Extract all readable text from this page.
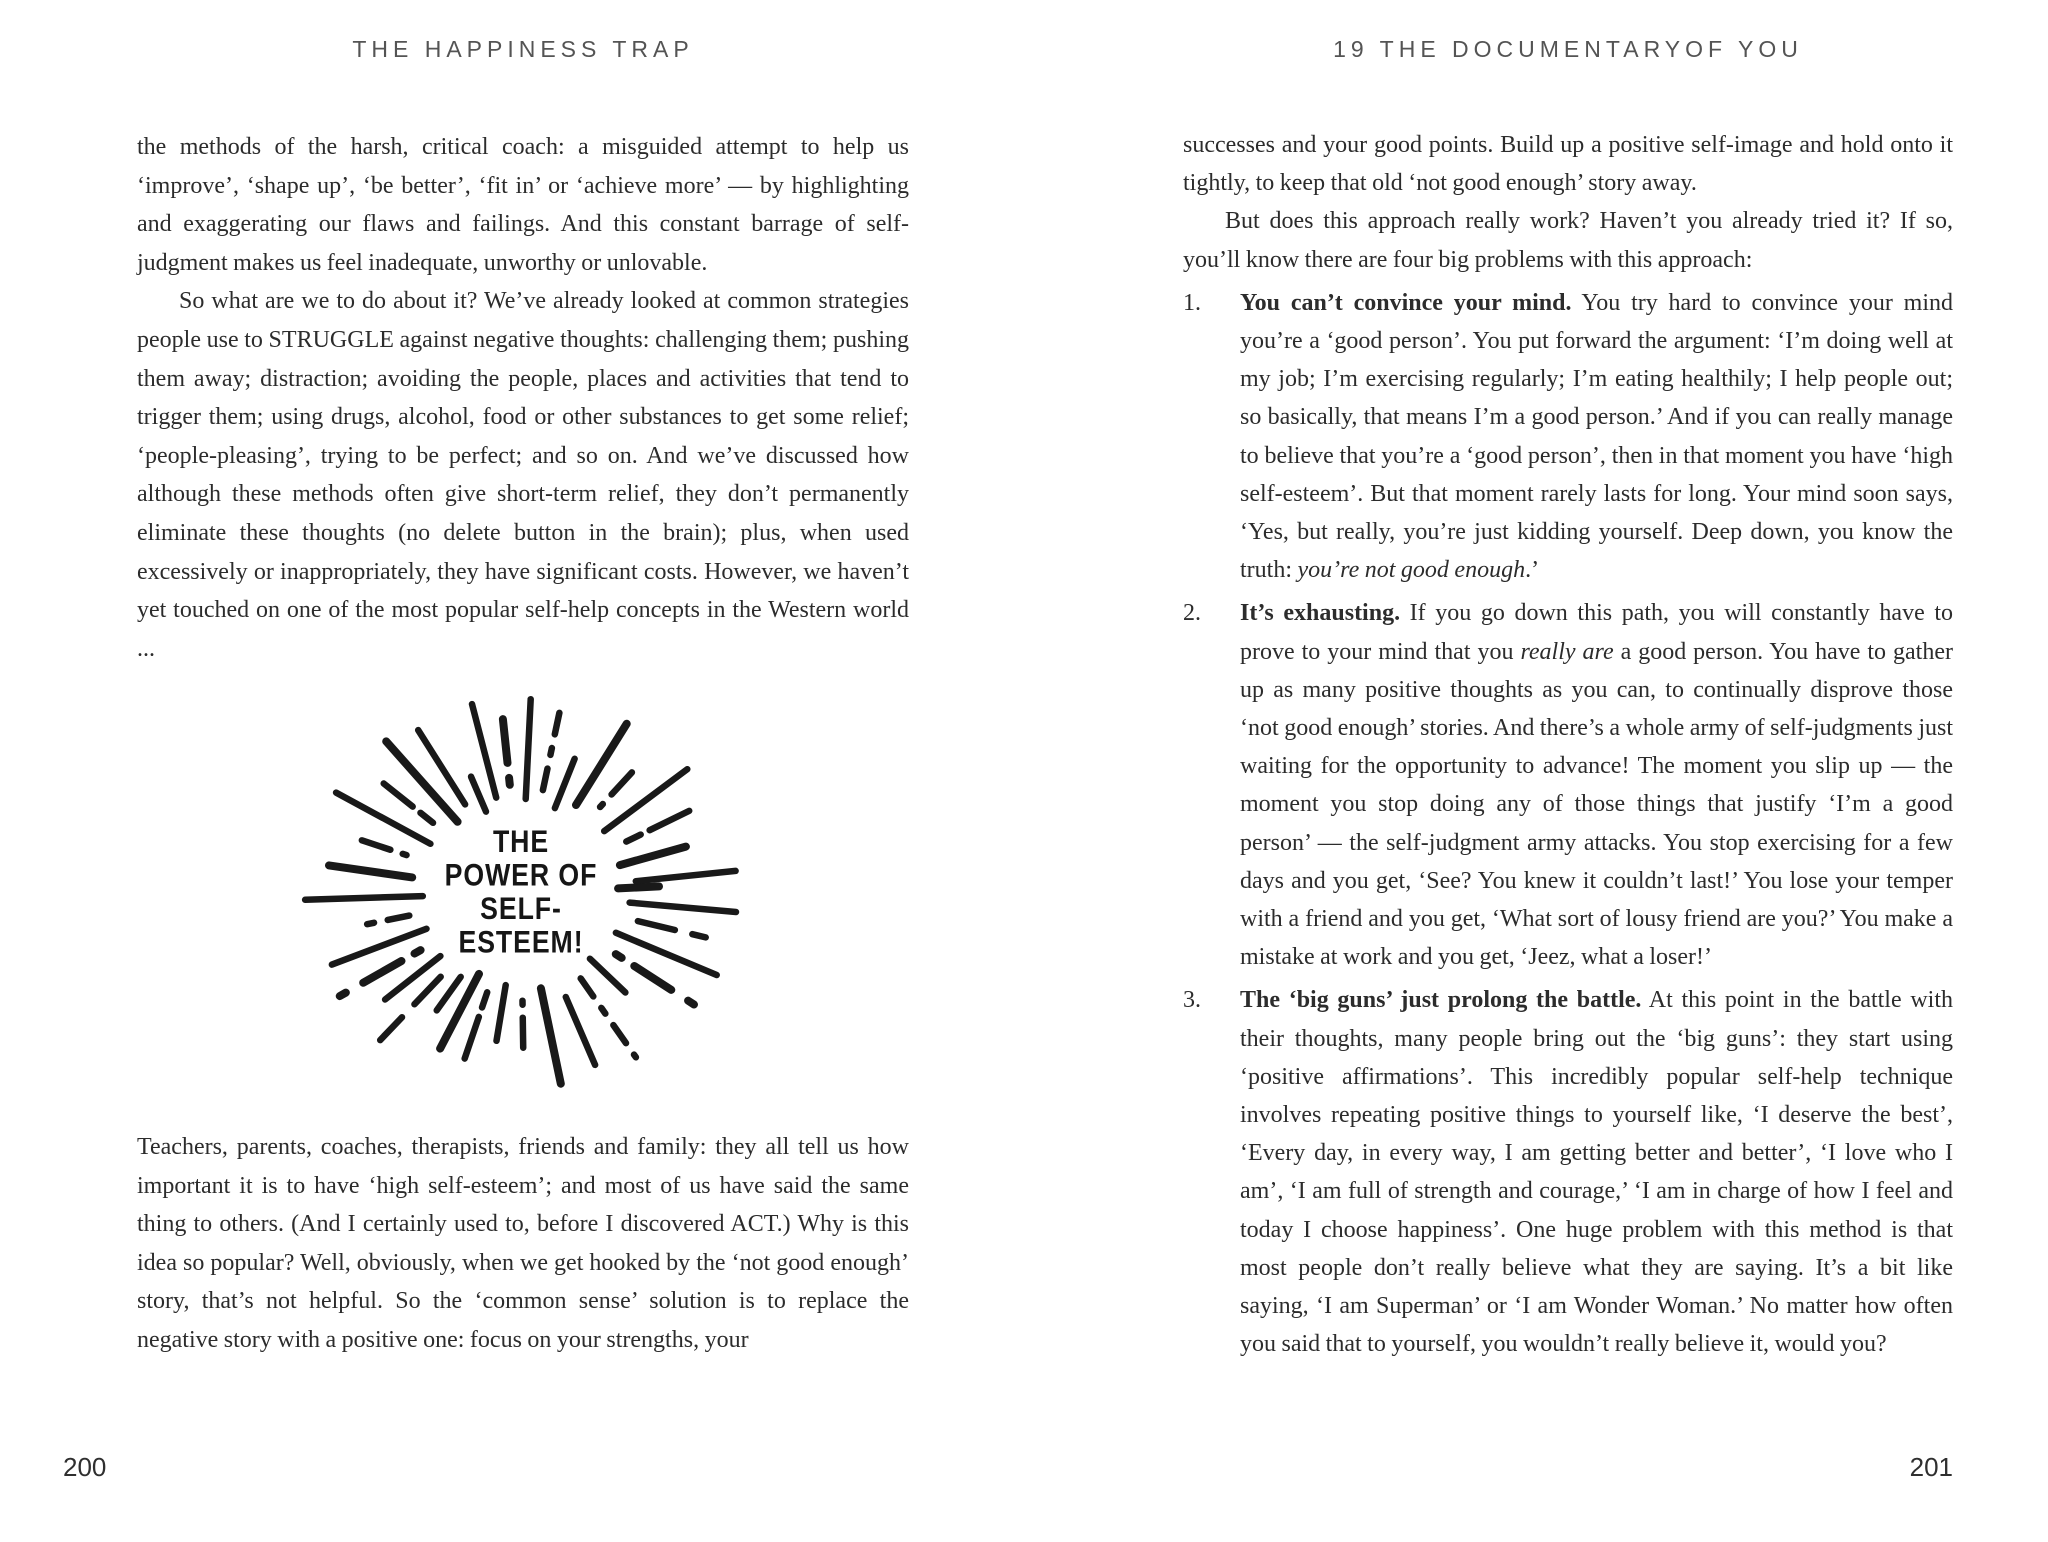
THE HAPPINESS TRAP

the methods of the harsh, critical coach: a misguided attempt to help us ‘improve’, ‘shape up’, ‘be better’, ‘fit in’ or ‘achieve more’ — by highlighting and exaggerating our flaws and failings. And this constant barrage of self-judgment makes us feel inadequate, unworthy or unlovable.

So what are we to do about it? We’ve already looked at common strategies people use to STRUGGLE against negative thoughts: challenging them; pushing them away; distraction; avoiding the people, places and activities that tend to trigger them; using drugs, alcohol, food or other substances to get some relief; ‘people-pleasing’, trying to be perfect; and so on. And we’ve discussed how although these methods often give short-term relief, they don’t permanently eliminate these thoughts (no delete button in the brain); plus, when used excessively or inappropriately, they have significant costs. However, we haven’t yet touched on one of the most popular self-help concepts in the Western world ...

THE
POWER OF
SELF-
ESTEEM!

Teachers, parents, coaches, therapists, friends and family: they all tell us how important it is to have ‘high self-esteem’; and most of us have said the same thing to others. (And I certainly used to, before I discovered ACT.) Why is this idea so popular? Well, obviously, when we get hooked by the ‘not good enough’ story, that’s not helpful. So the ‘common sense’ solution is to replace the negative story with a positive one: focus on your strengths, your

200
19 THE DOCUMENTARYOF YOU

successes and your good points. Build up a positive self-image and hold onto it tightly, to keep that old ‘not good enough’ story away.

But does this approach really work? Haven’t you already tried it? If so, you’ll know there are four big problems with this approach:

1.	You can’t convince your mind. You try hard to convince your mind you’re a ‘good person’. You put forward the argument: ‘I’m doing well at my job; I’m exercising regularly; I’m eating healthily; I help people out; so basically, that means I’m a good person.’ And if you can really manage to believe that you’re a ‘good person’, then in that moment you have ‘high self-esteem’. But that moment rarely lasts for long. Your mind soon says, ‘Yes, but really, you’re just kidding yourself. Deep down, you know the truth: you’re not good enough.’
2.	It’s exhausting. If you go down this path, you will constantly have to prove to your mind that you really are a good person. You have to gather up as many positive thoughts as you can, to continually disprove those ‘not good enough’ stories. And there’s a whole army of self-judgments just waiting for the opportunity to advance! The moment you slip up — the moment you stop doing any of those things that justify ‘I’m a good person’ — the self-judgment army attacks. You stop exercising for a few days and you get, ‘See? You knew it couldn’t last!’ You lose your temper with a friend and you get, ‘What sort of lousy friend are you?’ You make a mistake at work and you get, ‘Jeez, what a loser!’
3.	The ‘big guns’ just prolong the battle. At this point in the battle with their thoughts, many people bring out the ‘big guns’: they start using ‘positive affirmations’. This incredibly popular self-help technique involves repeating positive things to yourself like, ‘I deserve the best’, ‘Every day, in every way, I am getting better and better’, ‘I love who I am’, ‘I am full of strength and courage,’ ‘I am in charge of how I feel and today I choose happiness’. One huge problem with this method is that most people don’t really believe what they are saying. It’s a bit like saying, ‘I am Superman’ or ‘I am Wonder Woman.’ No matter how often you said that to yourself, you wouldn’t really believe it, would you?
201
